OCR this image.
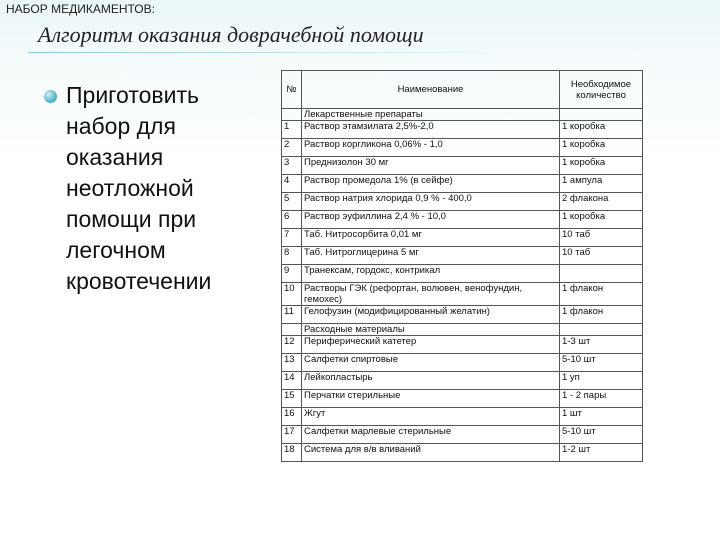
НАБОР МЕДИКАМЕНТОВ:
Алгоритм оказания доврачебной помощи
Приготовить набор для оказания неотложной помощи при легочном кровотечении
№	Наименование	Необходимое количество
	Лекарственные препараты	
1	Раствор этамзилата 2,5%-2,0	1 коробка
2	Раствор коргликона 0,06% - 1,0	1 коробка
3	Преднизолон 30 мг	1 коробка
4	Раствор промедола 1% (в сейфе)	1 ампула
5	Раствор натрия хлорида 0,9 % - 400,0	2 флакона
6	Раствор эуфиллина 2,4 % - 10,0	1 коробка
7	Таб. Нитросорбита 0,01 мг	10 таб
8	Таб. Нитроглицерина 5 мг	10 таб
9	Транексам, гордокс, контрикал	
10	Растворы ГЭК (рефортан, волювен, венофундин, гемохес)	1 флакон
11	Гелофузин (модифицированный желатин)	1 флакон
	Расходные материалы	
12	Периферический катетер	1-3 шт
13	Салфетки спиртовые	5-10 шт
14	Лейкопластырь	1 уп
15	Перчатки стерильные	1 - 2 пары
16	Жгут	1 шт
17	Салфетки марлевые стерильные	5-10 шт
18	Система для в/в вливаний	1-2 шт
